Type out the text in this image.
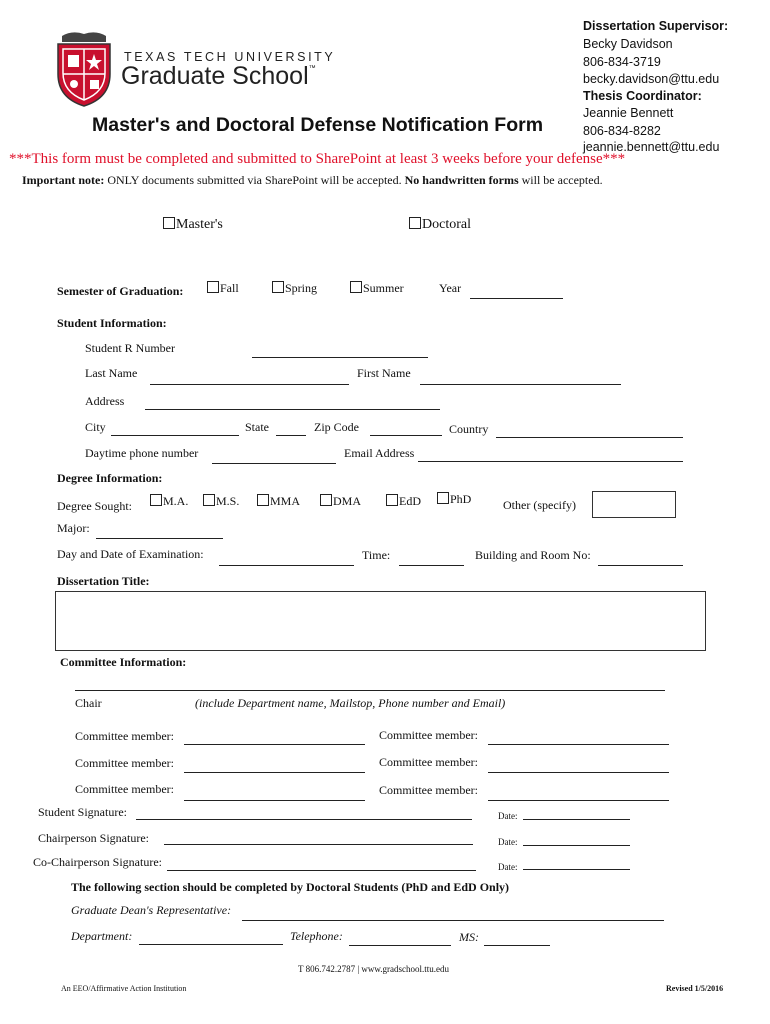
TEXAS TECH UNIVERSITY
Graduate School™
Dissertation Supervisor:
Becky Davidson
806-834-3719
becky.davidson@ttu.edu
Thesis Coordinator:
Jeannie Bennett
806-834-8282
jeannie.bennett@ttu.edu
Master's and Doctoral Defense Notification Form
***This form must be completed and submitted to SharePoint at least 3 weeks before your defense***
Important note: ONLY documents submitted via SharePoint will be accepted. No handwritten forms will be accepted.
Master's	Doctoral
Semester of Graduation:	Fall	Spring	Summer	Year
Student Information:
Student R Number
Last Name	First Name
Address
City	State	Zip Code	Country
Daytime phone number	Email Address
Degree Information:
Degree Sought:	M.A.	M.S.	MMA	DMA	EdD	PhD	Other (specify)
Major:
Day and Date of Examination:	Time:	Building and Room No:
Dissertation Title:
Committee Information:
Chair	(include Department name, Mailstop, Phone number and Email)
Committee member:	Committee member:
Committee member:	Committee member:
Committee member:	Committee member:
Student Signature:	Date:
Chairperson Signature:	Date:
Co-Chairperson Signature:	Date:
The following section should be completed by Doctoral Students (PhD and EdD Only)
Graduate Dean's Representative:
Department:	Telephone:	MS:
T 806.742.2787 | www.gradschool.ttu.edu
An EEO/Affirmative Action Institution	Revised 1/5/2016
